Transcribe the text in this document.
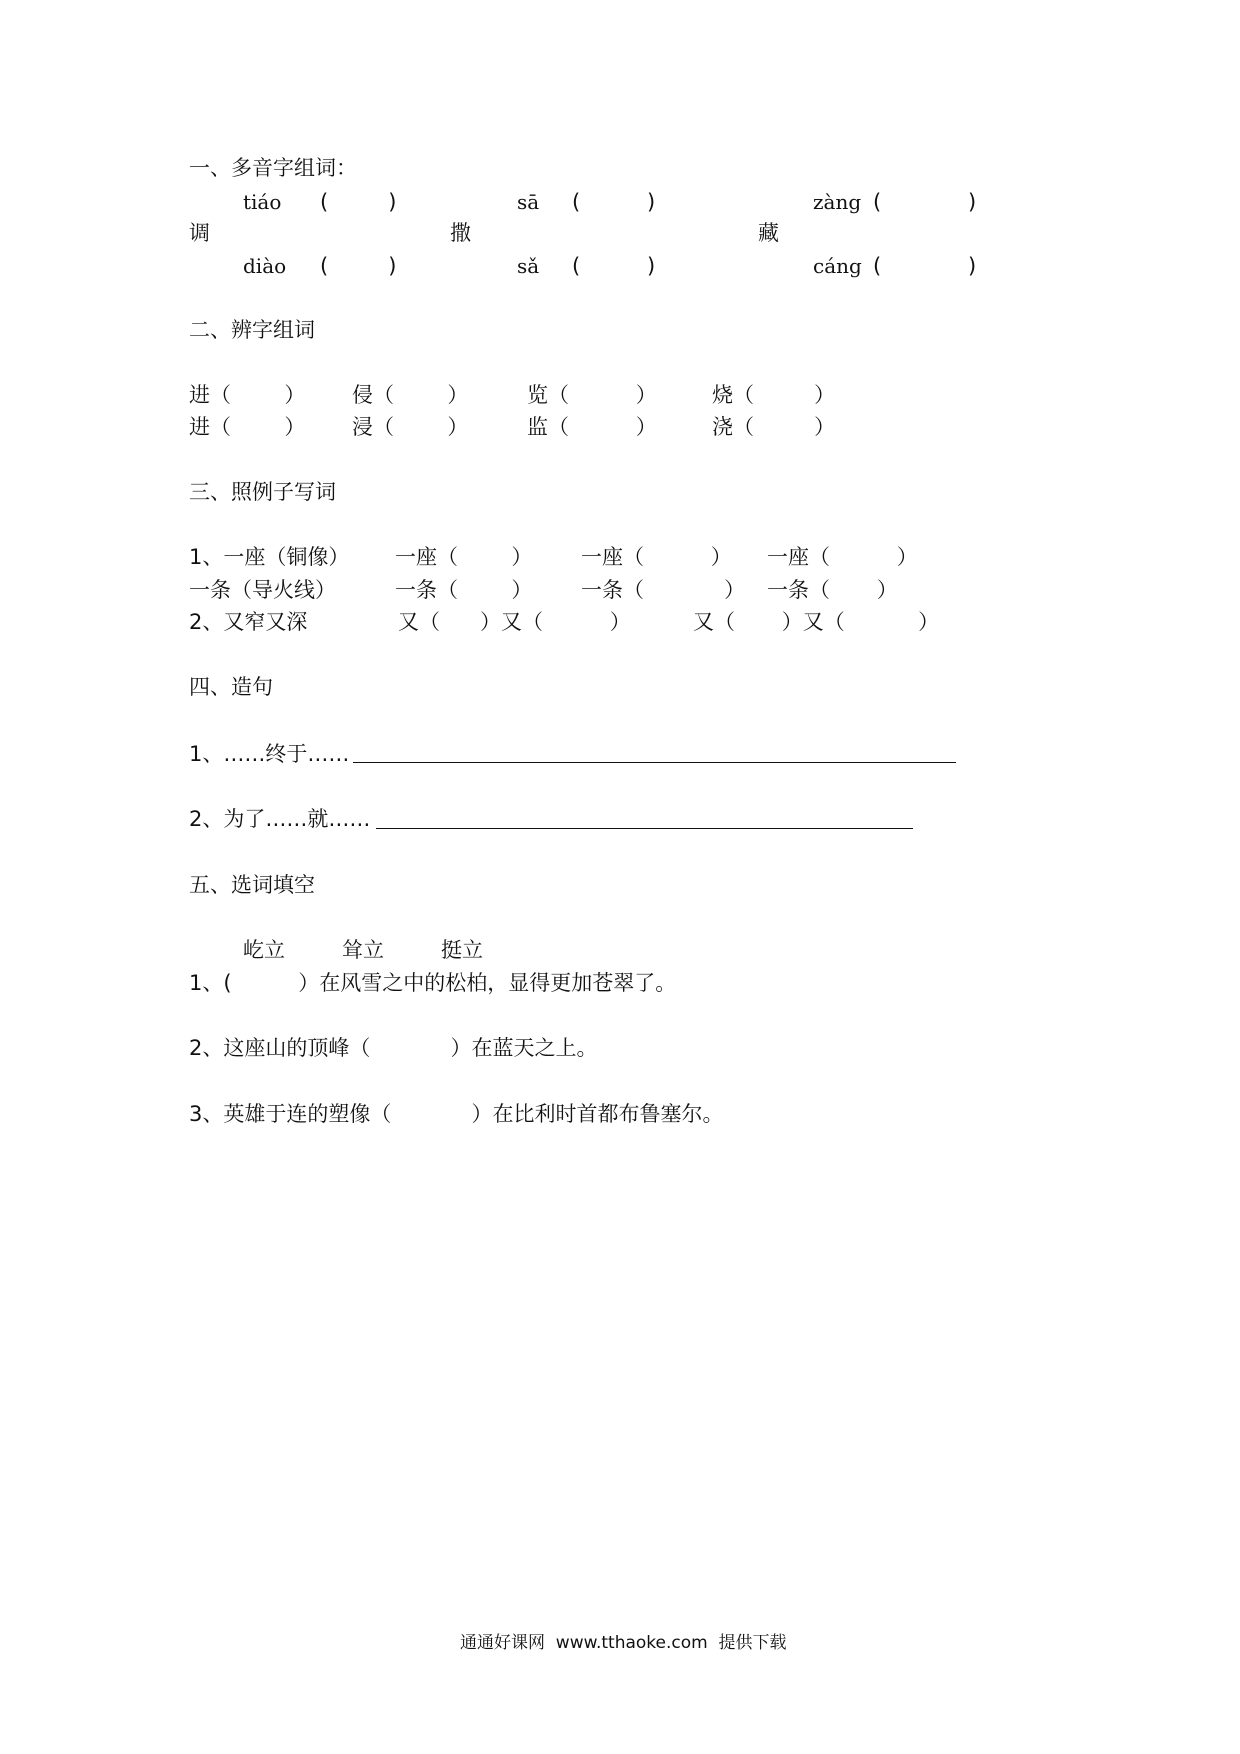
一、多音字组词：
tiáo (         )	sā (          )	zàng (             )
调	撒	藏
diào (         )	sǎ (          )	cáng (             )
二、辨字组词
进（        ） 侵（        ）	览（          ）	烧（         ）
进（        ） 浸（        ）	监（          ）	浇（         ）
三、照例子写词
1、一座（铜像） 一座（        ） 一座（          ） 一座（          ）
一条（导火线）	一条（        ） 一条（            ） 一条（       ）
2、又窄又深	又（      ）又（          ）	又（       ）又（           ）
四、造句
1、……终于……
2、为了……就……
五、选词填空
屹立	耸立	挺立
1、(          ）在风雪之中的松柏，显得更加苍翠了。
2、这座山的顶峰（            ）在蓝天之上。
3、英雄于连的塑像（            ）在比利时首都布鲁塞尔。
通通好课网  www.tthaoke.com  提供下载
